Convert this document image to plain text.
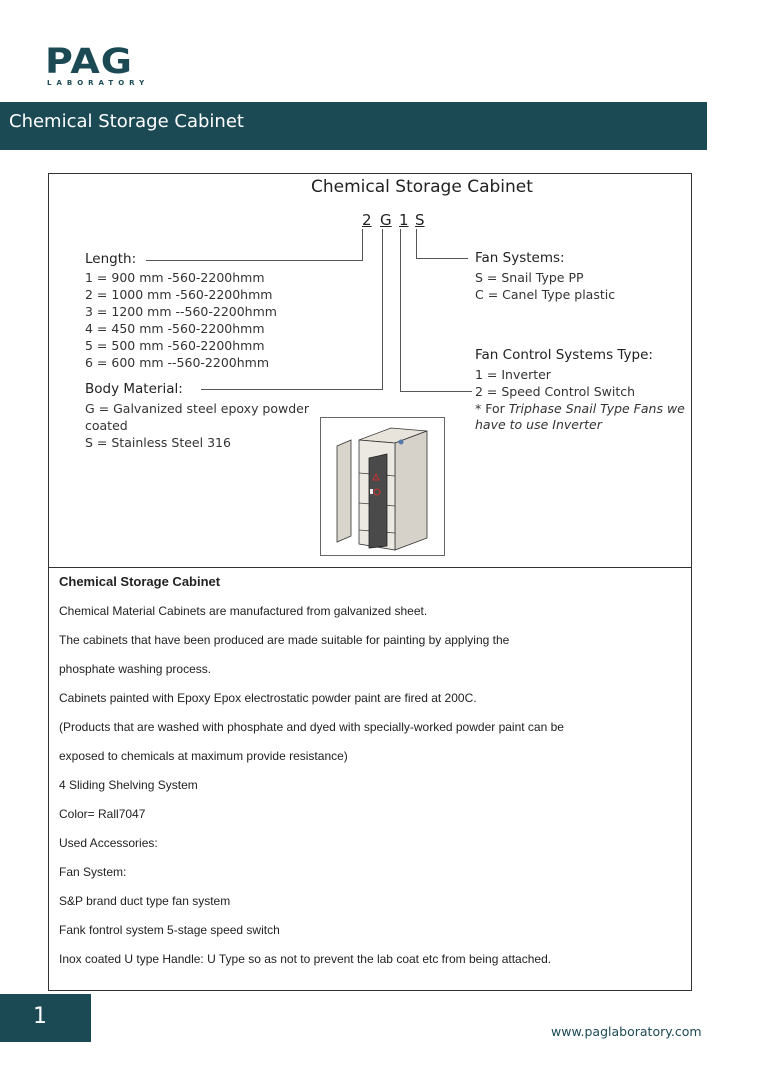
PAG
LABORATORY
Chemical Storage Cabinet
Chemical Storage Cabinet
2 G 1 S
Length:
1 = 900 mm -560-2200hmm
2 = 1000 mm -560-2200hmm
3 = 1200 mm --560-2200hmm
4 = 450 mm -560-2200hmm
5 = 500 mm -560-2200hmm
6 = 600 mm --560-2200hmm
Body Material:
G = Galvanized steel epoxy powder
coated
S = Stainless Steel 316
Fan Systems:
S = Snail Type PP
C = Canel Type plastic
Fan Control Systems Type:
1 = Inverter
2 = Speed Control Switch
* For Triphase Snail Type Fans we
have to use Inverter
Chemical Storage Cabinet
Chemical Material Cabinets are manufactured from galvanized sheet.
The cabinets that have been produced are made suitable for painting by applying the
phosphate washing process.
Cabinets painted with Epoxy Epox electrostatic powder paint are fired at 200C.
(Products that are washed with phosphate and dyed with specially-worked powder paint can be
exposed to chemicals at maximum provide resistance)
4 Sliding Shelving System
Color= Rall7047
Used Accessories:
Fan System:
S&P brand duct type fan system
Fank fontrol system 5-stage speed switch
Inox coated U type Handle: U Type so as not to prevent the lab coat etc from being attached.
1
www.paglaboratory.com
